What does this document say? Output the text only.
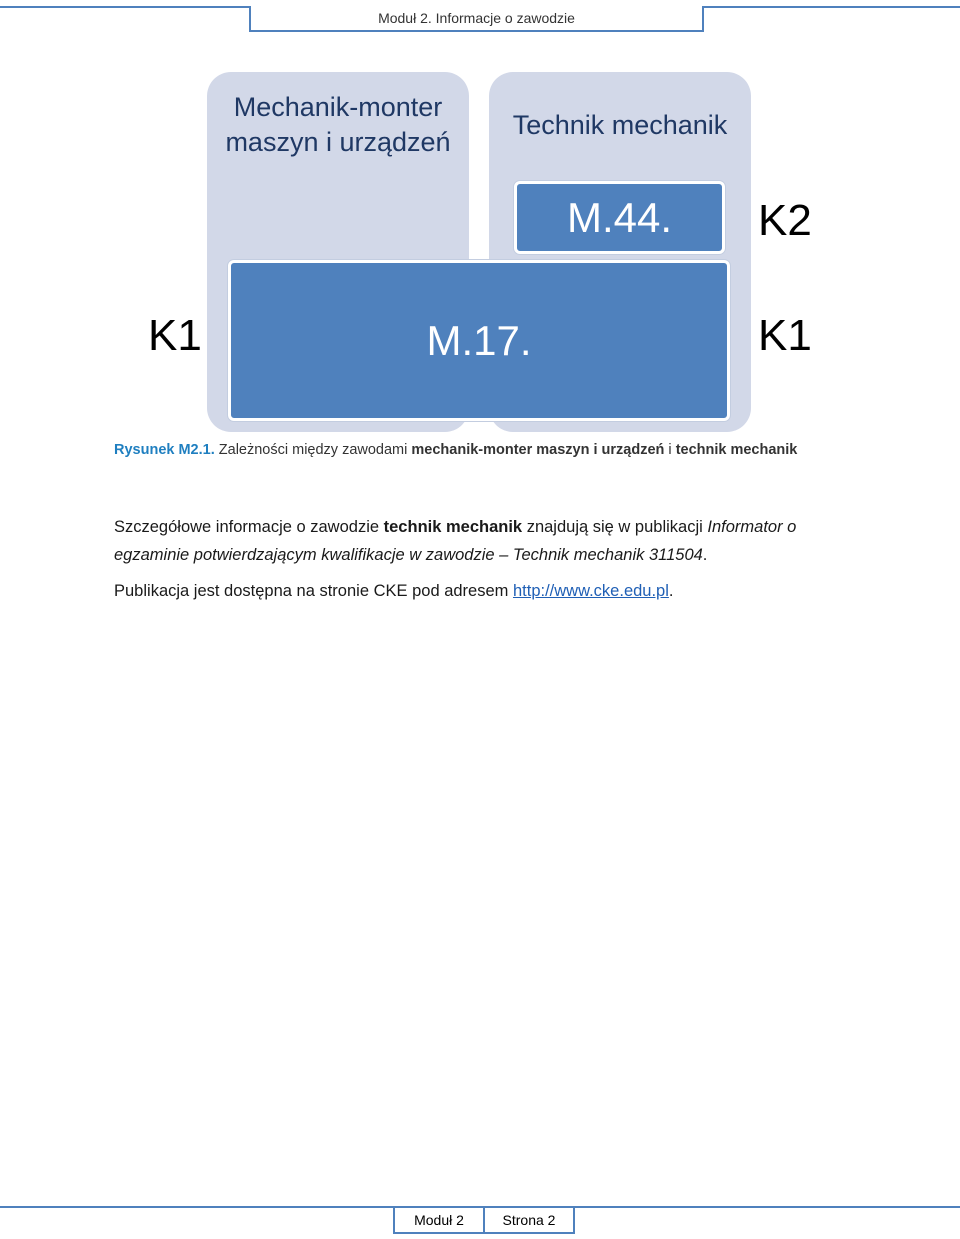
Moduł 2. Informacje o zawodzie
Mechanik-monter
maszyn i urządzeń
Technik mechanik
M.44.
M.17.
K1
K2
K1
Rysunek M2.1. Zależności między zawodami mechanik-monter maszyn i urządzeń i technik mechanik
Szczegółowe informacje o zawodzie technik mechanik znajdują się w publikacji Informator o egzaminie potwierdzającym kwalifikacje w zawodzie – Technik mechanik 311504.
Publikacja jest dostępna na stronie CKE pod adresem http://www.cke.edu.pl.
Moduł 2	Strona 2
